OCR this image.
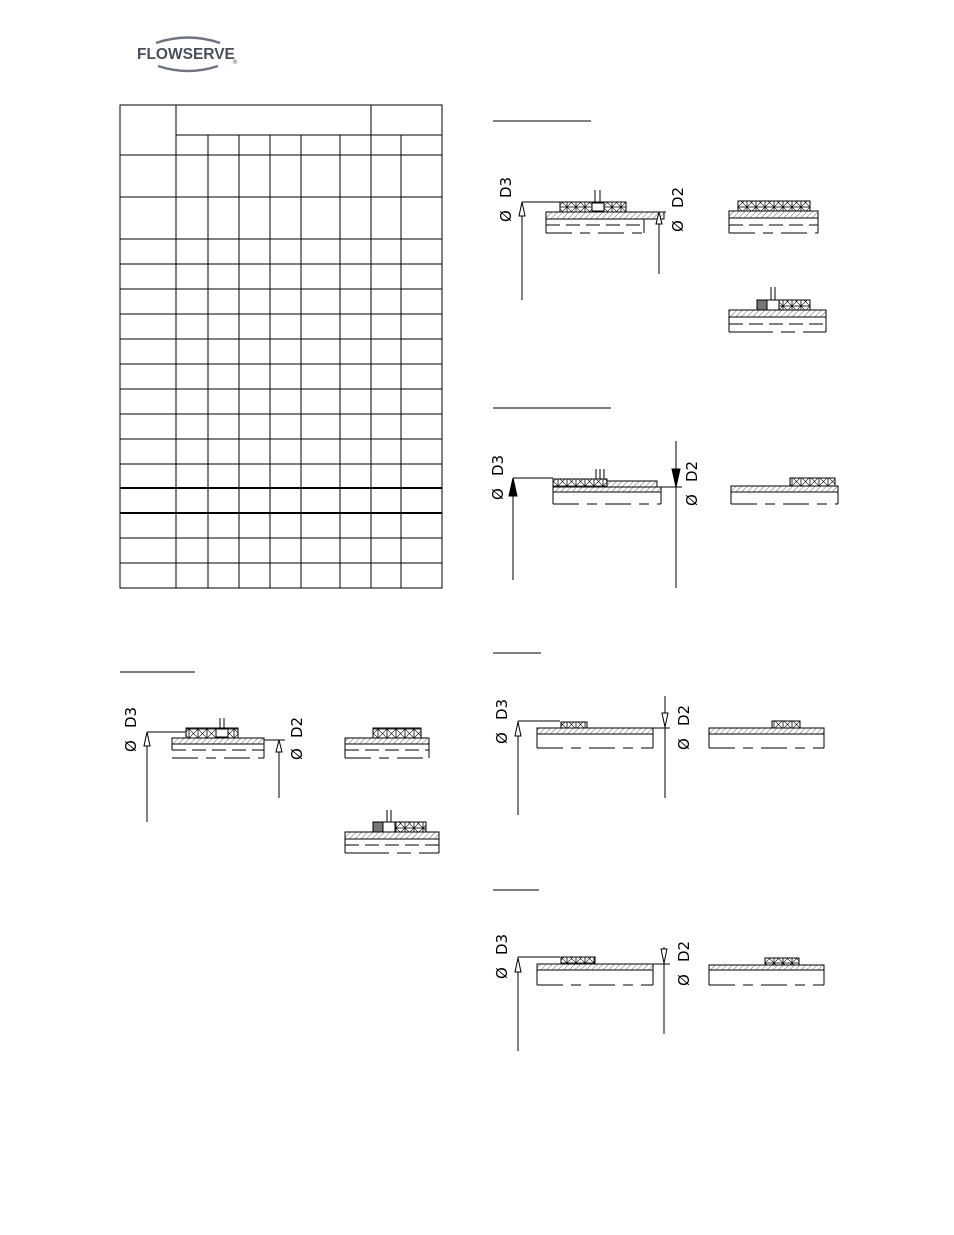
FLOWSERVE
®
D3
Ø
D2
Ø
D3
Ø
D2
Ø
D3
Ø
D2
Ø
D3
Ø
D2
Ø
D3
Ø
D2
Ø
